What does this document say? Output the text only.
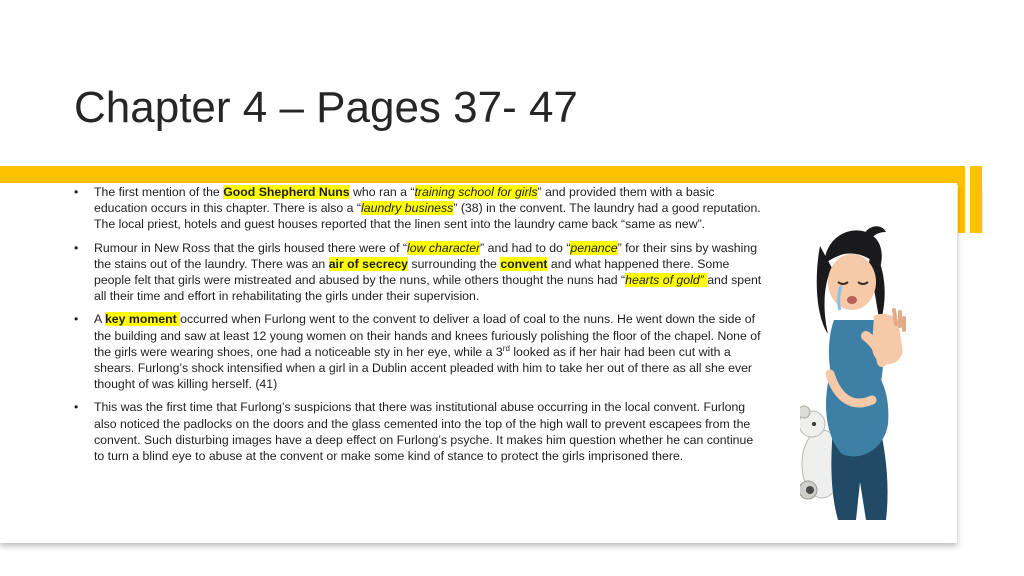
Chapter 4 – Pages 37- 47
•	The first mention of the Good Shepherd Nuns who ran a “training school for girls” and provided them with a basic education occurs in this chapter. There is also a “laundry business” (38) in the convent. The laundry had a good reputation. The local priest, hotels and guest houses reported that the linen sent into the laundry came back “same as new”.
•	Rumour in New Ross that the girls housed there were of “low character” and had to do “penance” for their sins by washing the stains out of the laundry. There was an air of secrecy surrounding the convent and what happened there. Some people felt that girls were mistreated and abused by the nuns, while others thought the nuns had “hearts of gold” and spent all their time and effort in rehabilitating the girls under their supervision.
•	A key moment occurred when Furlong went to the convent to deliver a load of coal to the nuns. He went down the side of the building and saw at least 12 young women on their hands and knees furiously polishing the floor of the chapel. None of the girls were wearing shoes, one had a noticeable sty in her eye, while a 3rd looked as if her hair had been cut with a shears. Furlong’s shock intensified when a girl in a Dublin accent pleaded with him to take her out of there as all she ever thought of was killing herself. (41)
•	This was the first time that Furlong’s suspicions that there was institutional abuse occurring in the local convent. Furlong also noticed the padlocks on the doors and the glass cemented into the top of the high wall to prevent escapees from the convent. Such disturbing images have a deep effect on Furlong’s psyche. It makes him question whether he can continue to turn a blind eye to abuse at the convent or make some kind of stance to protect the girls imprisoned there.
